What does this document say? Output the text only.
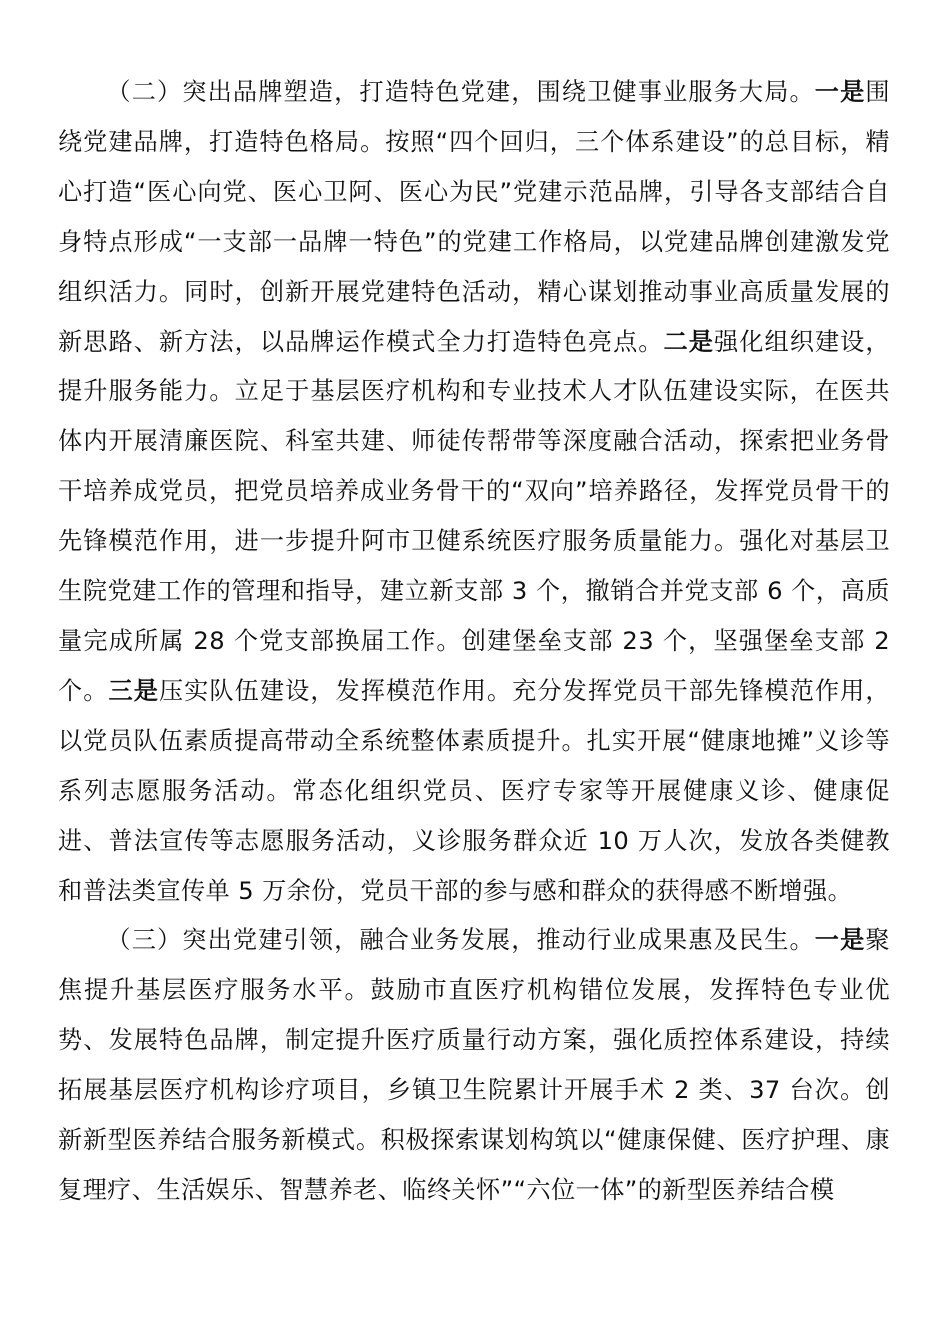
（二）突出品牌塑造，打造特色党建，围绕卫健事业服务大局。一是围绕党建品牌，打造特色格局。按照“四个回归，三个体系建设”的总目标，精心打造“医心向党、医心卫阿、医心为民”党建示范品牌，引导各支部结合自身特点形成“一支部一品牌一特色”的党建工作格局，以党建品牌创建激发党组织活力。同时，创新开展党建特色活动，精心谋划推动事业高质量发展的新思路、新方法，以品牌运作模式全力打造特色亮点。二是强化组织建设，提升服务能力。立足于基层医疗机构和专业技术人才队伍建设实际，在医共体内开展清廉医院、科室共建、师徒传帮带等深度融合活动，探索把业务骨干培养成党员，把党员培养成业务骨干的“双向”培养路径，发挥党员骨干的先锋模范作用，进一步提升阿市卫健系统医疗服务质量能力。强化对基层卫生院党建工作的管理和指导，建立新支部 3 个，撤销合并党支部 6 个，高质量完成所属 28 个党支部换届工作。创建堡垒支部 23 个，坚强堡垒支部 2 个。三是压实队伍建设，发挥模范作用。充分发挥党员干部先锋模范作用，以党员队伍素质提高带动全系统整体素质提升。扎实开展“健康地摊”义诊等系列志愿服务活动。常态化组织党员、医疗专家等开展健康义诊、健康促进、普法宣传等志愿服务活动，义诊服务群众近 10 万人次，发放各类健教和普法类宣传单 5 万余份，党员干部的参与感和群众的获得感不断增强。

（三）突出党建引领，融合业务发展，推动行业成果惠及民生。一是聚焦提升基层医疗服务水平。鼓励市直医疗机构错位发展，发挥特色专业优势、发展特色品牌，制定提升医疗质量行动方案，强化质控体系建设，持续拓展基层医疗机构诊疗项目，乡镇卫生院累计开展手术 2 类、37 台次。创新新型医养结合服务新模式。积极探索谋划构筑以“健康保健、医疗护理、康复理疗、生活娱乐、智慧养老、临终关怀”“六位一体”的新型医养结合模
